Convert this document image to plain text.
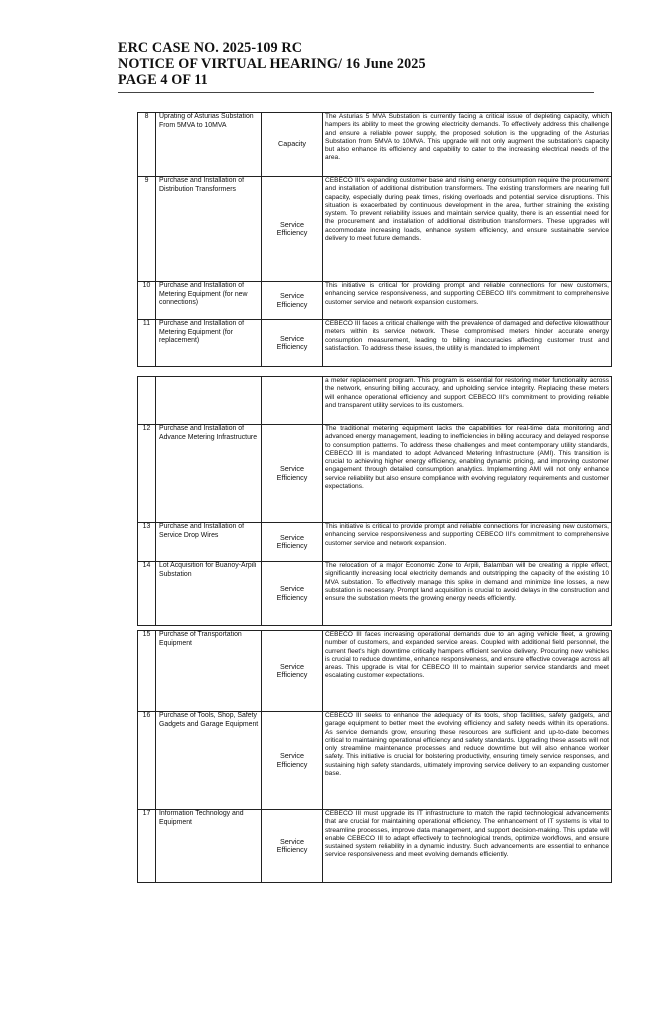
ERC CASE NO. 2025-109 RC
NOTICE OF VIRTUAL HEARING/ 16 June 2025
PAGE 4 OF 11
8	Uprating of Asturias Substation From 5MVA to 10MVA	Capacity	The Asturias 5 MVA Substation is currently facing a critical issue of depleting capacity, which hampers its ability to meet the growing electricity demands. To effectively address this challenge and ensure a reliable power supply, the proposed solution is the upgrading of the Asturias Substation from 5MVA to 10MVA. This upgrade will not only augment the substation's capacity but also enhance its efficiency and capability to cater to the increasing electrical needs of the area.

9	Purchase and Installation of Distribution Transformers	Service Efficiency	CEBECO III's expanding customer base and rising energy consumption require the procurement and installation of additional distribution transformers. The existing transformers are nearing full capacity, especially during peak times, risking overloads and potential service disruptions. This situation is exacerbated by continuous development in the area, further straining the existing system. To prevent reliability issues and maintain service quality, there is an essential need for the procurement and installation of additional distribution transformers. These upgrades will accommodate increasing loads, enhance system efficiency, and ensure sustainable service delivery to meet future demands.

10	Purchase and Installation of Metering Equipment (for new connections)	Service Efficiency	This initiative is critical for providing prompt and reliable connections for new customers, enhancing service responsiveness, and supporting CEBECO III's commitment to comprehensive customer service and network expansion customers.

11	Purchase and Installation of Metering Equipment (for replacement)	Service Efficiency	CEBECO III faces a critical challenge with the prevalence of damaged and defective kilowatthour meters within its service network. These compromised meters hinder accurate energy consumption measurement, leading to billing inaccuracies affecting customer trust and satisfaction. To address these issues, the utility is mandated to implement

			a meter replacement program. This program is essential for restoring meter functionality across the network, ensuring billing accuracy, and upholding service integrity. Replacing these meters will enhance operational efficiency and support CEBECO III's commitment to providing reliable and transparent utility services to its customers.

12	Purchase and Installation of Advance Metering Infrastructure	Service Efficiency	The traditional metering equipment lacks the capabilities for real-time data monitoring and advanced energy management, leading to inefficiencies in billing accuracy and delayed response to consumption patterns. To address these challenges and meet contemporary utility standards, CEBECO III is mandated to adopt Advanced Metering Infrastructure (AMI). This transition is crucial to achieving higher energy efficiency, enabling dynamic pricing, and improving customer engagement through detailed consumption analytics. Implementing AMI will not only enhance service reliability but also ensure compliance with evolving regulatory requirements and customer expectations.

13	Purchase and Installation of Service Drop Wires	Service Efficiency	This initiative is critical to provide prompt and reliable connections for increasing new customers, enhancing service responsiveness and supporting CEBECO III's commitment to comprehensive customer service and network expansion.

14	Lot Acquisition for Buanoy-Arpili Substation	Service Efficiency	The relocation of a major Economic Zone to Arpili, Balamban will be creating a ripple effect, significantly increasing local electricity demands and outstripping the capacity of the existing 10 MVA substation. To effectively manage this spike in demand and minimize line losses, a new substation is necessary. Prompt land acquisition is crucial to avoid delays in the construction and ensure the substation meets the growing energy needs efficiently.
15	Purchase of Transportation Equipment	Service Efficiency	CEBECO III faces increasing operational demands due to an aging vehicle fleet, a growing number of customers, and expanded service areas. Coupled with additional field personnel, the current fleet's high downtime critically hampers efficient service delivery. Procuring new vehicles is crucial to reduce downtime, enhance responsiveness, and ensure effective coverage across all areas. This upgrade is vital for CEBECO III to maintain superior service standards and meet escalating customer expectations.

16	Purchase of Tools, Shop, Safety Gadgets and Garage Equipment	Service Efficiency	CEBECO III seeks to enhance the adequacy of its tools, shop facilities, safety gadgets, and garage equipment to better meet the evolving efficiency and safety needs within its operations. As service demands grow, ensuring these resources are sufficient and up-to-date becomes critical to maintaining operational efficiency and safety standards. Upgrading these assets will not only streamline maintenance processes and reduce downtime but will also enhance worker safety. This initiative is crucial for bolstering productivity, ensuring timely service responses, and sustaining high safety standards, ultimately improving service delivery to an expanding customer base.

17	Information Technology and Equipment	Service Efficiency	CEBECO III must upgrade its IT infrastructure to match the rapid technological advancements that are crucial for maintaining operational efficiency. The enhancement of IT systems is vital to streamline processes, improve data management, and support decision-making. This update will enable CEBECO III to adapt effectively to technological trends, optimize workflows, and ensure sustained system reliability in a dynamic industry. Such advancements are essential to enhance service responsiveness and meet evolving demands efficiently.
